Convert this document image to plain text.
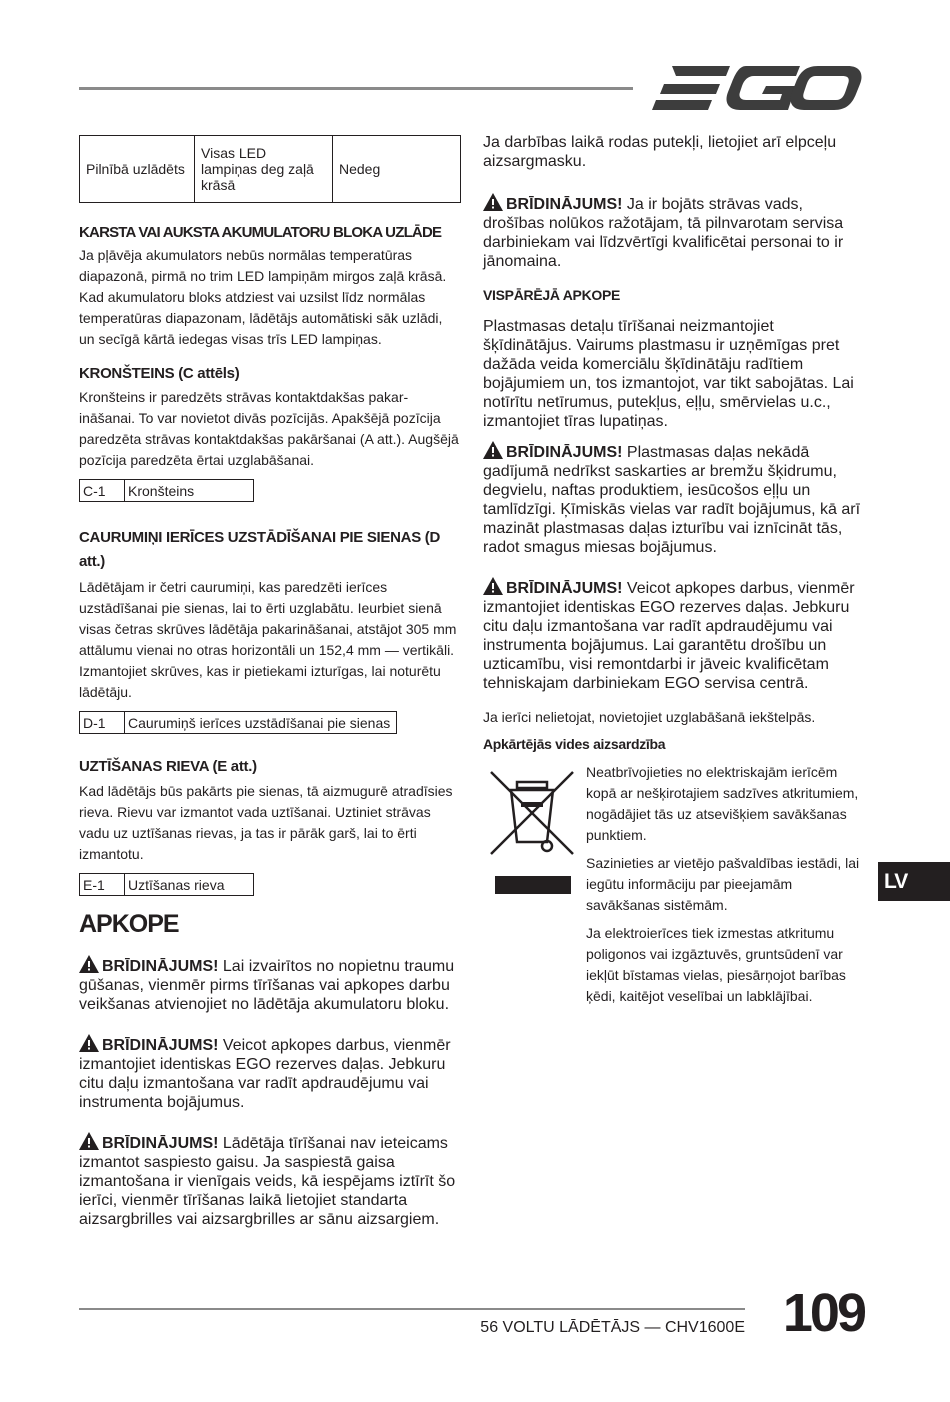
Pilnībā uzlādēts	Visas LED lampiņas deg zaļā krāsā	Nedeg
KARSTA VAI AUKSTA AKUMULATORU BLOKA UZLĀDE

Ja pļāvēja akumulators nebūs normālas temperatūras diapazonā, pirmā no trim LED lampiņām mirgos zaļā krāsā. Kad akumulatoru bloks atdziest vai uzsilst līdz normālas temperatūras diapazonam, lādētājs automātiski sāk uzlādi, un secīgā kārtā iedegas visas trīs LED lampiņas.

KRONŠTEINS (C attēls)

Kronšteins ir paredzēts strāvas kontaktdakšas pakar-ināšanai. To var novietot divās pozīcijās. Apakšējā pozīcija paredzēta strāvas kontaktdakšas pakāršanai (A att.). Augšējā pozīcija paredzēta ērtai uzglabāšanai.

C-1	Kronšteins
CAURUMIŅI IERĪCES UZSTĀDĪŠANAI PIE SIENAS (D att.)

Lādētājam ir četri caurumiņi, kas paredzēti ierīces uzstādīšanai pie sienas, lai to ērti uzglabātu. Ieurbiet sienā visas četras skrūves lādētāja pakarināšanai, atstājot 305 mm attālumu vienai no otras horizontāli un 152,4 mm — vertikāli. Izmantojiet skrūves, kas ir pietiekami izturīgas, lai noturētu lādētāju.

D-1	Caurumiņš ierīces uzstādīšanai pie sienas
UZTĪŠANAS RIEVA (E att.)

Kad lādētājs būs pakārts pie sienas, tā aizmugurē atradīsies rieva. Rievu var izmantot vada uztīšanai. Uztiniet strāvas vadu uz uztīšanas rievas, ja tas ir pārāk garš, lai to ērti izmantotu.

E-1	Uztīšanas rieva
APKOPE

BRĪDINĀJUMS! Lai izvairītos no nopietnu traumu gūšanas, vienmēr pirms tīrīšanas vai apkopes darbu veikšanas atvienojiet no lādētāja akumulatoru bloku.

BRĪDINĀJUMS! Veicot apkopes darbus, vienmēr izmantojiet identiskas EGO rezerves daļas. Jebkuru citu daļu izmantošana var radīt apdraudējumu vai instrumenta bojājumus.

BRĪDINĀJUMS! Lādētāja tīrīšanai nav ieteicams izmantot saspiesto gaisu. Ja saspiestā gaisa izmantošana ir vienīgais veids, kā iespējams iztīrīt šo ierīci, vienmēr tīrīšanas laikā lietojiet standarta aizsargbrilles vai aizsargbrilles ar sānu aizsargiem.

Ja darbības laikā rodas putekļi, lietojiet arī elpceļu aizsargmasku.

BRĪDINĀJUMS! Ja ir bojāts strāvas vads, drošības nolūkos ražotājam, tā pilnvarotam servisa darbiniekam vai līdzvērtīgi kvalificētai personai to ir jānomaina.

VISPĀRĒJĀ APKOPE

Plastmasas detaļu tīrīšanai neizmantojiet šķīdinātājus. Vairums plastmasu ir uzņēmīgas pret dažāda veida komerciālu šķīdinātāju radītiem bojājumiem un, tos izmantojot, var tikt sabojātas. Lai notīrītu netīrumus, putekļus, eļļu, smērvielas u.c., izmantojiet tīras lupatiņas.

BRĪDINĀJUMS! Plastmasas daļas nekādā gadījumā nedrīkst saskarties ar bremžu šķidrumu, degvielu, naftas produktiem, iesūcošos eļļu un tamlīdzīgi. Ķīmiskās vielas var radīt bojājumus, kā arī mazināt plastmasas daļas izturību vai iznīcināt tās, radot smagus miesas bojājumus.

BRĪDINĀJUMS! Veicot apkopes darbus, vienmēr izmantojiet identiskas EGO rezerves daļas. Jebkuru citu daļu izmantošana var radīt apdraudējumu vai instrumenta bojājumus. Lai garantētu drošību un uzticamību, visi remontdarbi ir jāveic kvalificētam tehniskajam darbiniekam EGO servisa centrā.

Ja ierīci nelietojat, novietojiet uzglabāšanā iekštelpās.

Apkārtējās vides aizsardzība

Neatbrīvojieties no elektriskajām ierīcēm kopā ar nešķirotajiem sadzīves atkritumiem, nogādājiet tās uz atsevišķiem savākšanas punktiem.

Sazinieties ar vietējo pašvaldības iestādi, lai iegūtu informāciju par pieejamām savākšanas sistēmām.

Ja elektroierīces tiek izmestas atkritumu poligonos vai izgāztuvēs, gruntsūdenī var iekļūt bīstamas vielas, piesārņojot barības ķēdi, kaitējot veselībai un labklājībai.

LV
56 VOLTU LĀDĒTĀJS — CHV1600E 109
